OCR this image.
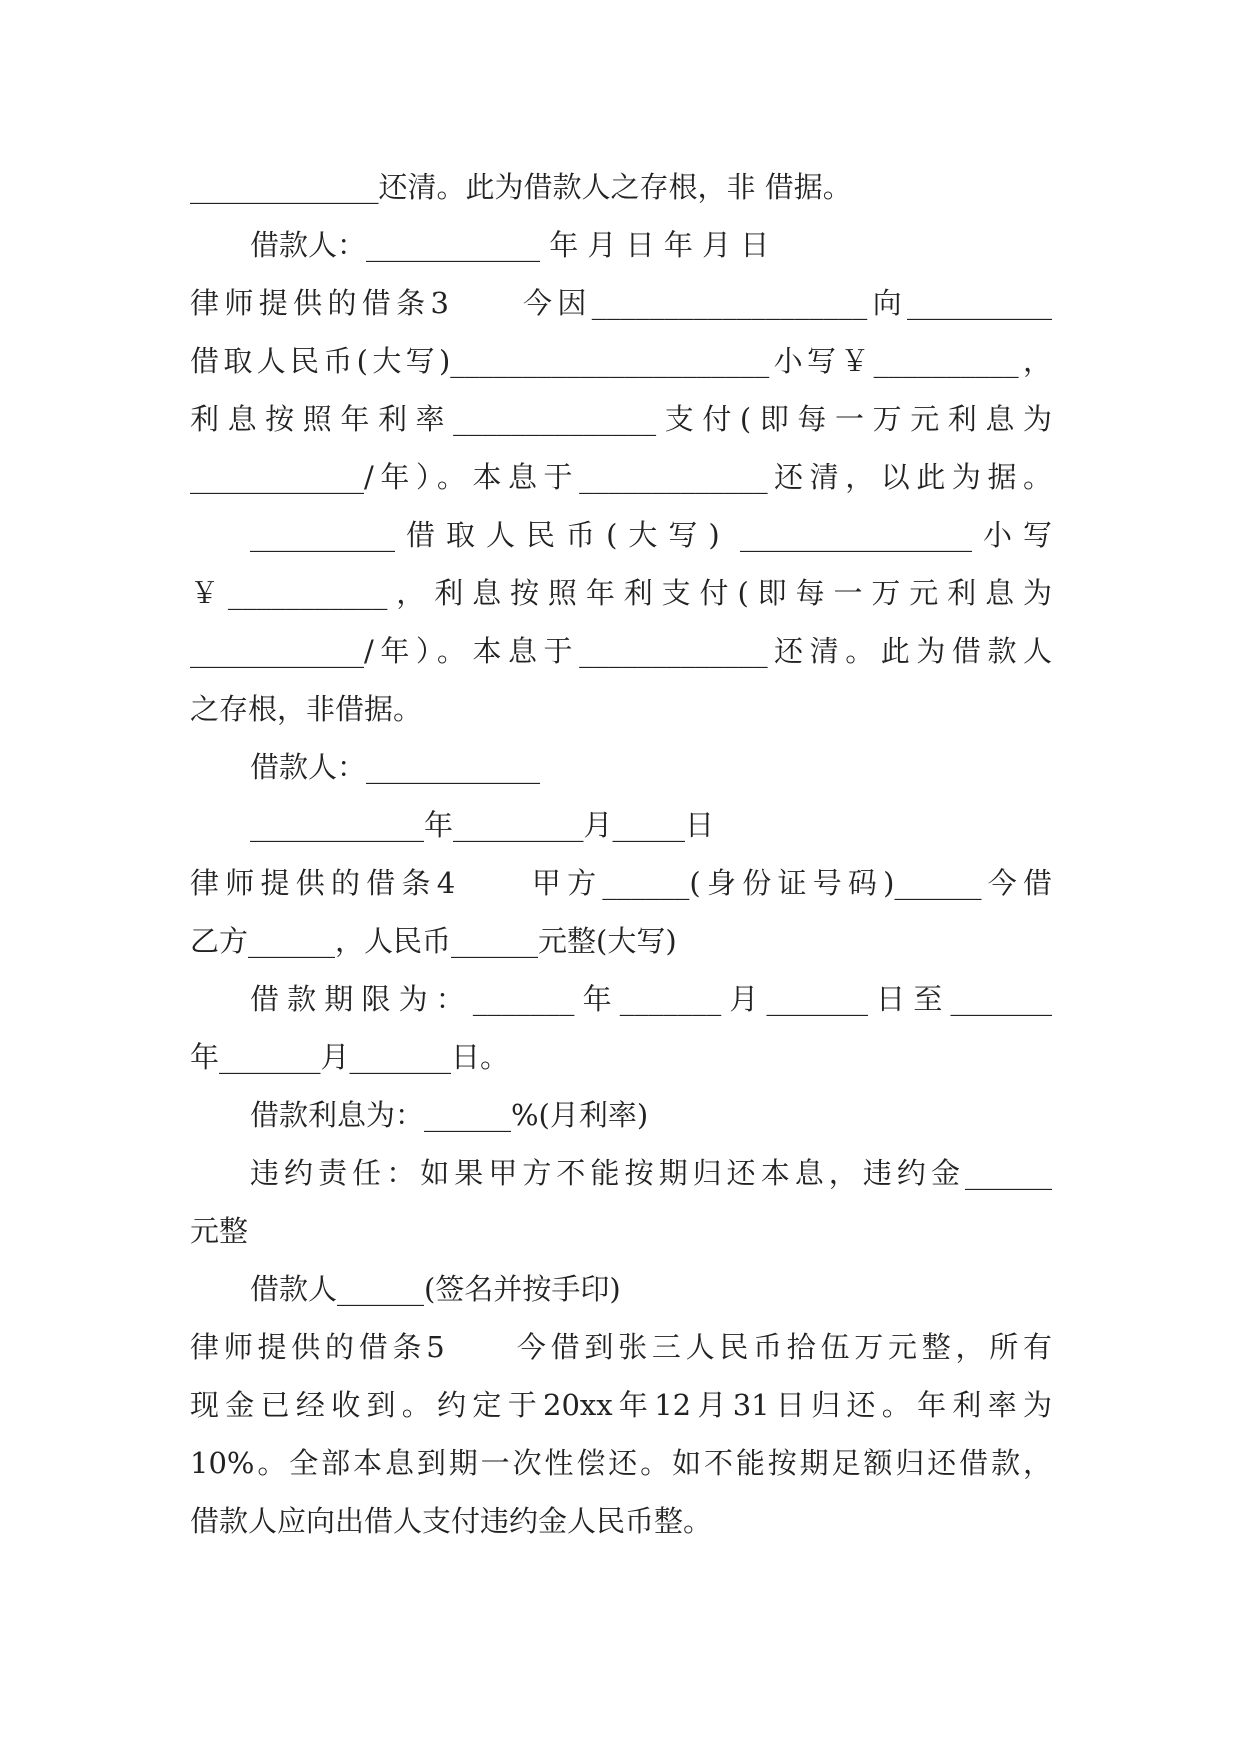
_____________还清。此为借款人之存根，非 借据。
借款人：____________ 年 月 日 年 月 日
律师提供的借条3　　今因___________________向__________
借取人民币(大写)______________________小写￥__________，
利息按照年利率______________支付(即每一万元利息为
____________/年）。本息于_____________还清，以此为据。
__________借取人民币(大写) ________________小写
￥___________，利息按照年利支付(即每一万元利息为
____________/年）。本息于_____________还清。此为借款人
之存根，非借据。
借款人：____________
____________年_________月_____日
律师提供的借条4　　甲方______(身份证号码)______今借
乙方______，人民币______元整(大写)
借款期限为：_______年_______月_______日至_______
年_______月_______日。
借款利息为：______%(月利率)
违约责任：如果甲方不能按期归还本息，违约金______
元整
借款人______(签名并按手印)
律师提供的借条5　　今借到张三人民币拾伍万元整，所有
现金已经收到。约定于20xx年12月31日归还。年利率为
10%。全部本息到期一次性偿还。如不能按期足额归还借款，
借款人应向出借人支付违约金人民币整。
